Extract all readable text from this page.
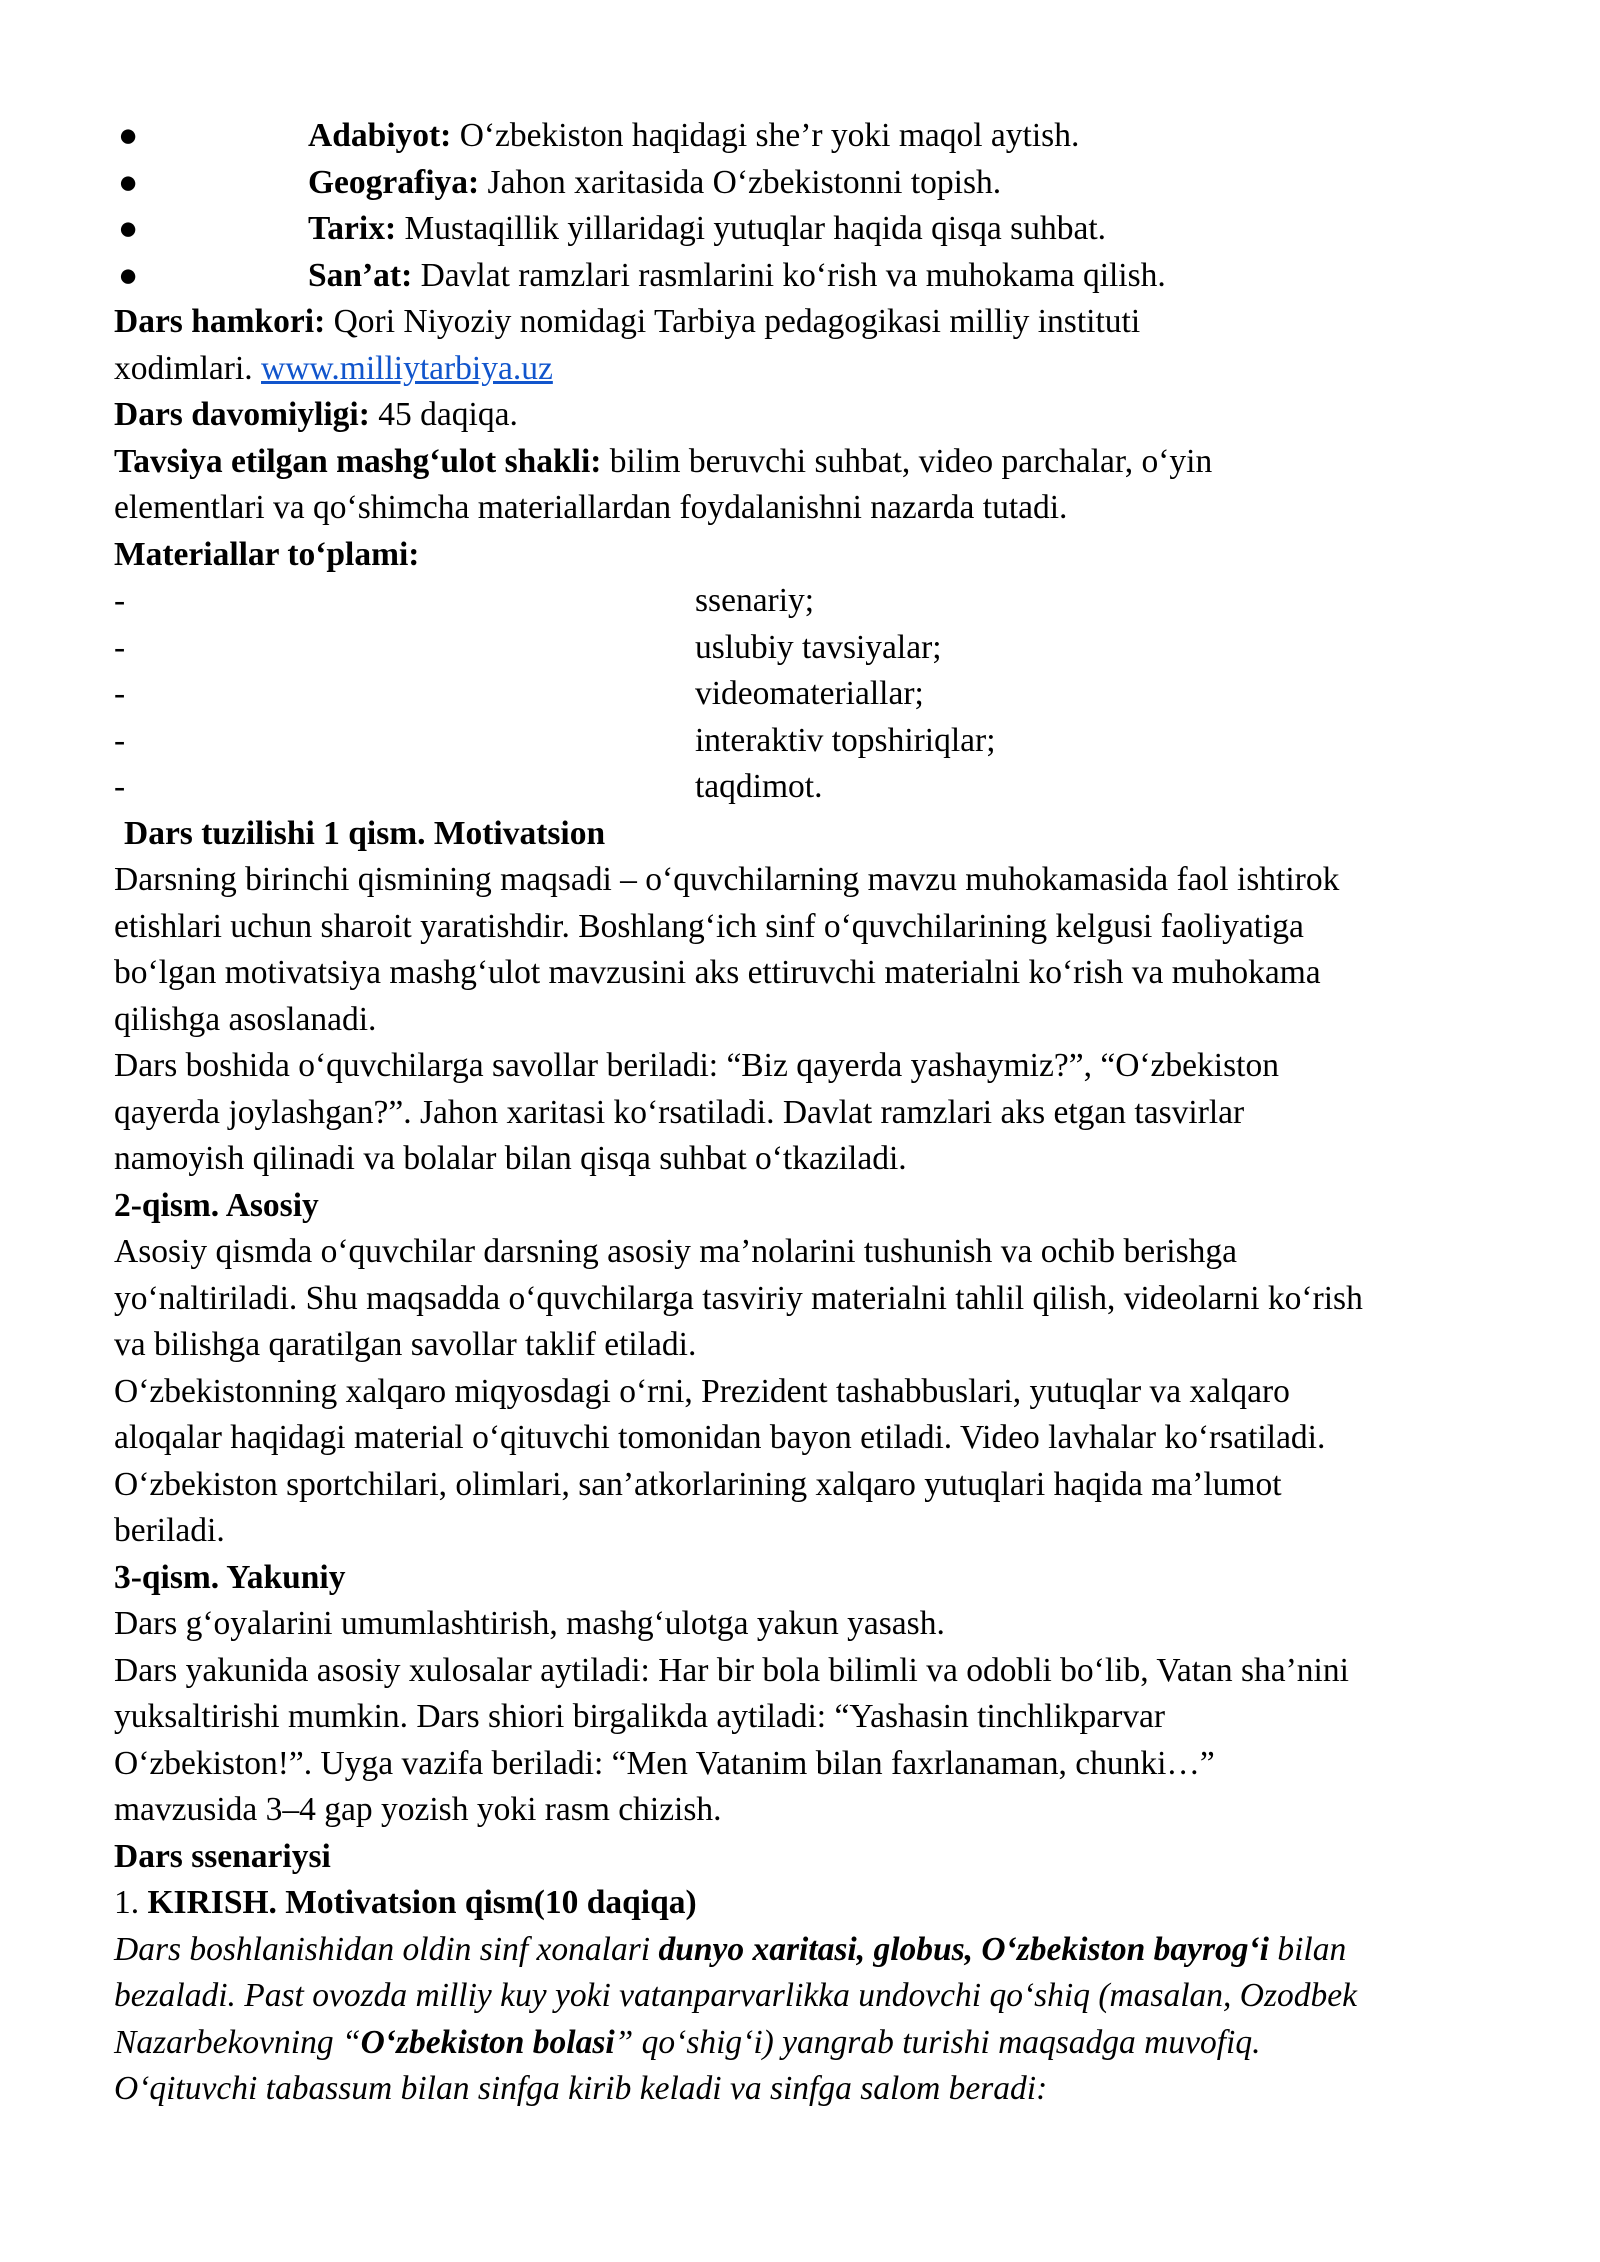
●	Adabiyot: O‘zbekiston haqidagi she’r yoki maqol aytish.

●	Geografiya: Jahon xaritasida O‘zbekistonni topish.

●	Tarix: Mustaqillik yillaridagi yutuqlar haqida qisqa suhbat.

●	San’at: Davlat ramzlari rasmlarini ko‘rish va muhokama qilish.

Dars hamkori: Qori Niyoziy nomidagi Tarbiya pedagogikasi milliy instituti
xodimlari. www.milliytarbiya.uz

Dars davomiyligi: 45 daqiqa.

Tavsiya etilgan mashg‘ulot shakli: bilim beruvchi suhbat, video parchalar, o‘yin
elementlari va qo‘shimcha materiallardan foydalanishni nazarda tutadi.

Materiallar to‘plami:

-	ssenariy;

-	uslubiy tavsiyalar;

-	videomateriallar;

-	interaktiv topshiriqlar;

-	taqdimot.

Dars tuzilishi 1 qism. Motivatsion

Darsning birinchi qismining maqsadi – o‘quvchilarning mavzu muhokamasida faol ishtirok
etishlari uchun sharoit yaratishdir. Boshlang‘ich sinf o‘quvchilarining kelgusi faoliyatiga
bo‘lgan motivatsiya mashg‘ulot mavzusini aks ettiruvchi materialni ko‘rish va muhokama
qilishga asoslanadi.

Dars boshida o‘quvchilarga savollar beriladi: “Biz qayerda yashaymiz?”, “O‘zbekiston
qayerda joylashgan?”. Jahon xaritasi ko‘rsatiladi. Davlat ramzlari aks etgan tasvirlar
namoyish qilinadi va bolalar bilan qisqa suhbat o‘tkaziladi.

2-qism. Asosiy

Asosiy qismda o‘quvchilar darsning asosiy ma’nolarini tushunish va ochib berishga
yo‘naltiriladi. Shu maqsadda o‘quvchilarga tasviriy materialni tahlil qilish, videolarni ko‘rish
va bilishga qaratilgan savollar taklif etiladi.

O‘zbekistonning xalqaro miqyosdagi o‘rni, Prezident tashabbuslari, yutuqlar va xalqaro
aloqalar haqidagi material o‘qituvchi tomonidan bayon etiladi. Video lavhalar ko‘rsatiladi.
O‘zbekiston sportchilari, olimlari, san’atkorlarining xalqaro yutuqlari haqida ma’lumot
beriladi.

3-qism. Yakuniy

Dars g‘oyalarini umumlashtirish, mashg‘ulotga yakun yasash.

Dars yakunida asosiy xulosalar aytiladi: Har bir bola bilimli va odobli bo‘lib, Vatan sha’nini
yuksaltirishi mumkin. Dars shiori birgalikda aytiladi: “Yashasin tinchlikparvar
O‘zbekiston!”. Uyga vazifa beriladi: “Men Vatanim bilan faxrlanaman, chunki…”
mavzusida 3–4 gap yozish yoki rasm chizish.

Dars ssenariysi

1. KIRISH. Motivatsion qism(10 daqiqa)

Dars boshlanishidan oldin sinf xonalari dunyo xaritasi, globus, O‘zbekiston bayrog‘i bilan
bezaladi. Past ovozda milliy kuy yoki vatanparvarlikka undovchi qo‘shiq (masalan, Ozodbek
Nazarbekovning “O‘zbekiston bolasi” qo‘shig‘i) yangrab turishi maqsadga muvofiq.
O‘qituvchi tabassum bilan sinfga kirib keladi va sinfga salom beradi:
